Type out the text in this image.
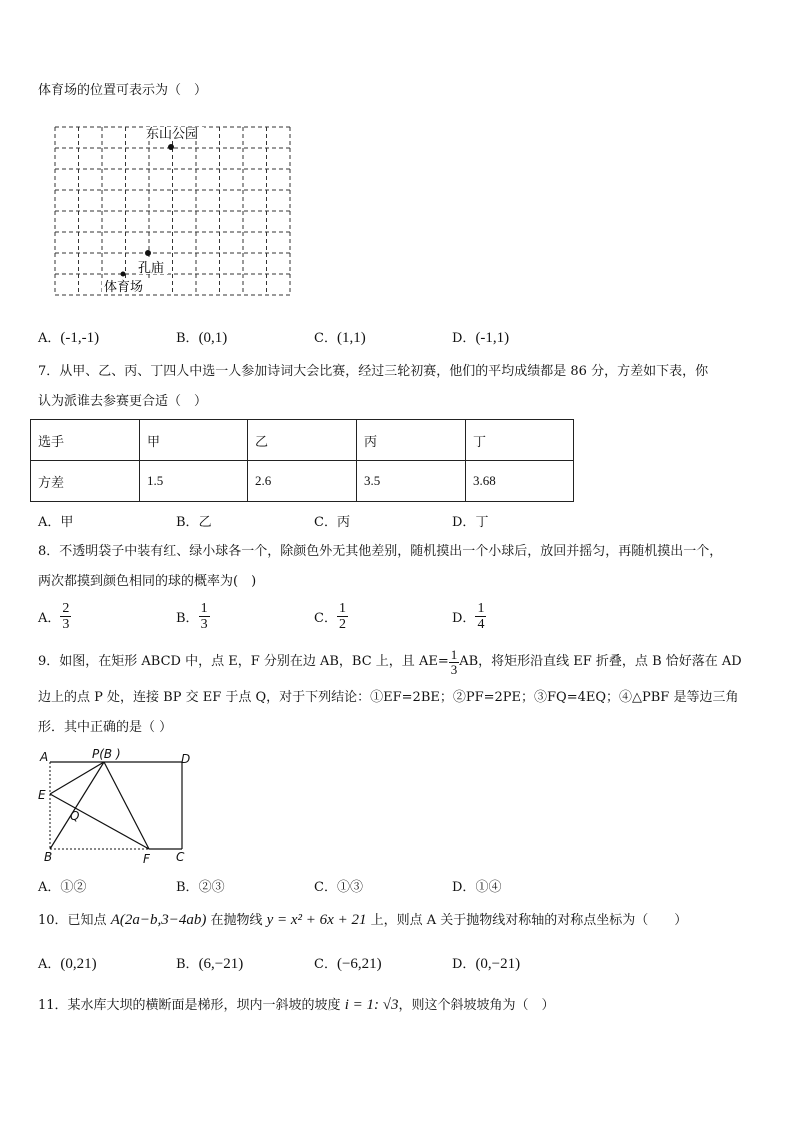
体育场的位置可表示为（　）
东山公园
孔庙
体育场
A．(-1,-1)	B．(0,1)	C．(1,1)	D．(-1,1)
7．从甲、乙、丙、丁四人中选一人参加诗词大会比赛，经过三轮初赛，他们的平均成绩都是 86 分，方差如下表，你
认为派谁去参赛更合适（　）
选手	甲	乙	丙	丁
方差	1.5	2.6	3.5	3.68
A．甲	B．乙	C．丙	D．丁
8．不透明袋子中装有红、绿小球各一个，除颜色外无其他差别，随机摸出一个小球后，放回并摇匀，再随机摸出一个，
两次都摸到颜色相同的球的概率为(　)
A． $\frac{2}{3}$	B． $\frac{1}{3}$	C． $\frac{1}{2}$	D． $\frac{1}{4}$
9．如图，在矩形 ABCD 中，点 E，F 分别在边 AB，BC 上，且 $AE= \frac{1}{3}$ AB，将矩形沿直线 EF 折叠，点 B 恰好落在 AD
边上的点 P 处，连接 BP 交 EF 于点 Q，对于下列结论：①EF=2BE；②PF=2PE；③FQ=4EQ；④△PBF 是等边三角
形．其中正确的是（ ）
A	P(B )	D
E
Q
B	F C
A．①②	B．②③	C．①③	D．①④
10．已知点 A(2a−b,3−4ab) 在抛物线 y = x² + 6x + 21 上，则点 A 关于抛物线对称轴的对称点坐标为（　　）
A．(0,21)	B．(6,−21)	C．(−6,21)	D．(0,−21)
11．某水库大坝的横断面是梯形，坝内一斜坡的坡度 i = 1: √3，则这个斜坡坡角为（　）
